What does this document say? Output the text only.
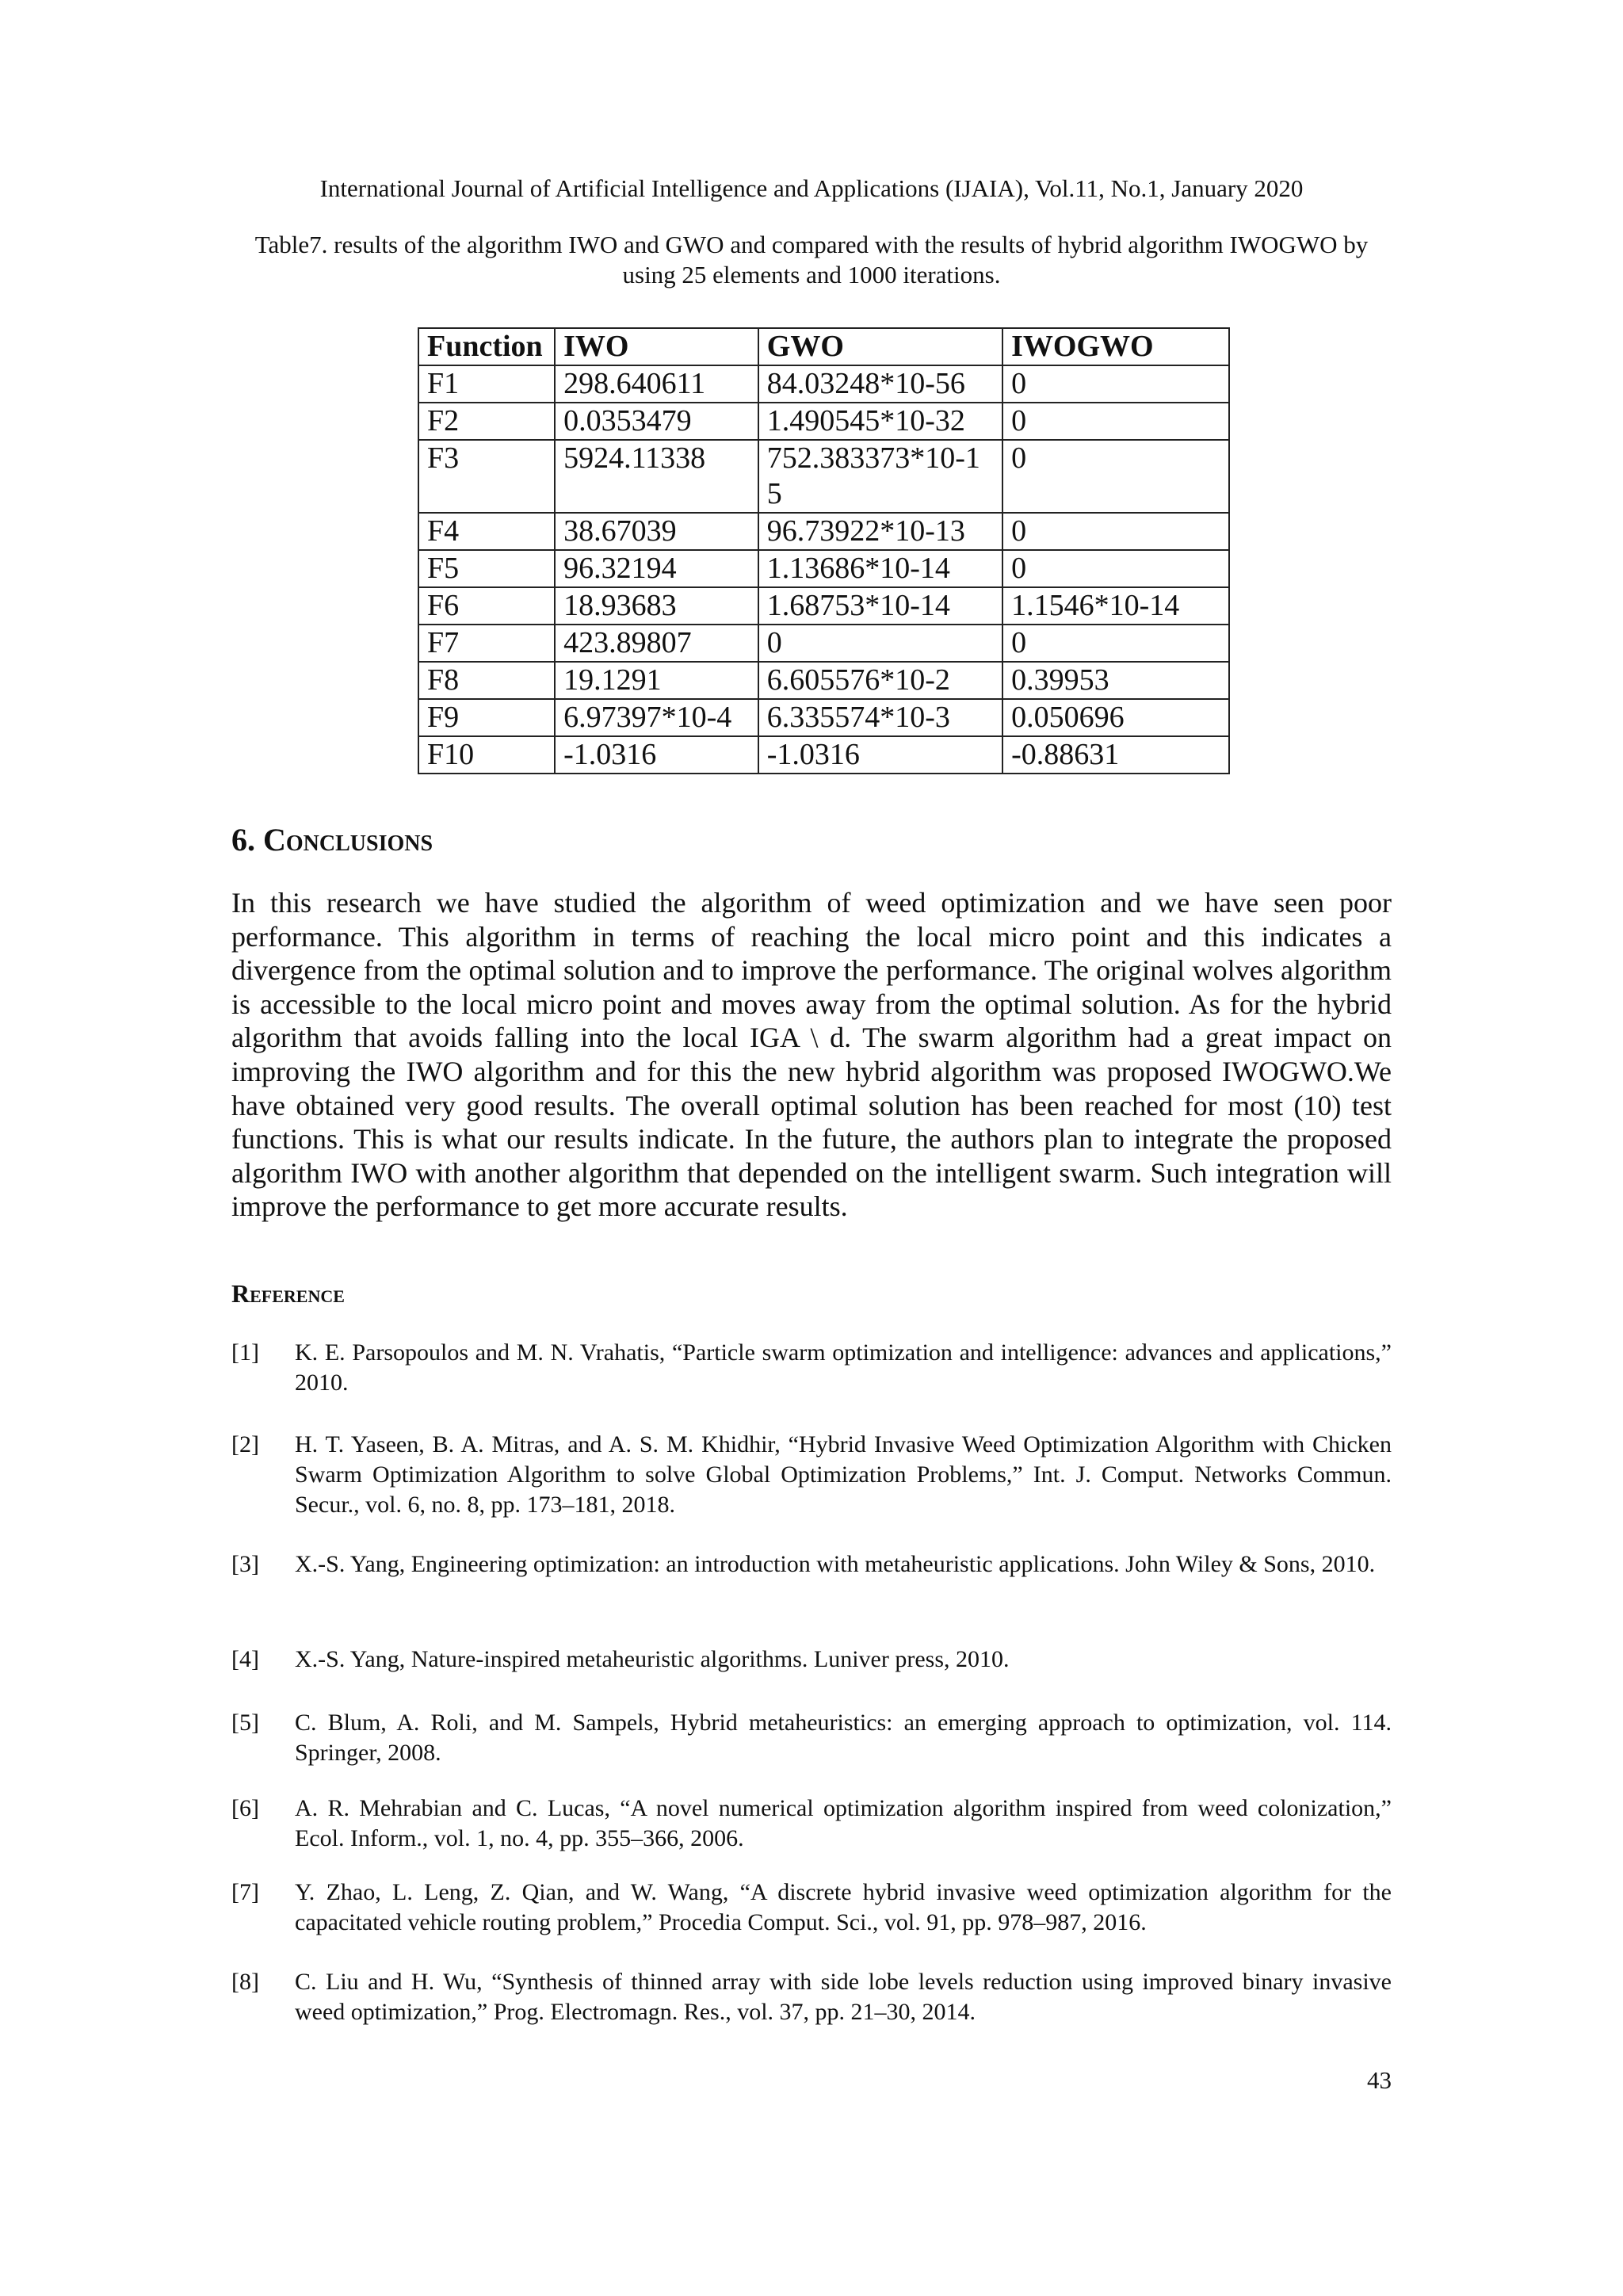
International Journal of Artificial Intelligence and Applications (IJAIA), Vol.11, No.1, January 2020
Table7. results of the algorithm IWO and GWO and compared with the results of hybrid algorithm IWOGWO by using 25 elements and 1000 iterations.
Function	IWO	GWO	IWOGWO
F1	298.640611	84.03248*10-56	0
F2	0.0353479	1.490545*10-32	0
F3	5924.11338	752.383373*10-15	0
F4	38.67039	96.73922*10-13	0
F5	96.32194	1.13686*10-14	0
F6	18.93683	1.68753*10-14	1.1546*10-14
F7	423.89807	0	0
F8	19.1291	6.605576*10-2	0.39953
F9	6.97397*10-4	6.335574*10-3	0.050696
F10	-1.0316	-1.0316	-0.88631
6. Conclusions

In this research we have studied the algorithm of weed optimization and we have seen poor performance. This algorithm in terms of reaching the local micro point and this indicates a divergence from the optimal solution and to improve the performance. The original wolves algorithm is accessible to the local micro point and moves away from the optimal solution. As for the hybrid algorithm that avoids falling into the local IGA \ d. The swarm algorithm had a great impact on improving the IWO algorithm and for this the new hybrid algorithm was proposed IWOGWO.We have obtained very good results. The overall optimal solution has been reached for most (10) test functions. This is what our results indicate. In the future, the authors plan to integrate the proposed algorithm IWO with another algorithm that depended on the intelligent swarm. Such integration will improve the performance to get more accurate results.

Reference
[1]	K. E. Parsopoulos and M. N. Vrahatis, “Particle swarm optimization and intelligence: advances and applications,” 2010.
[2]	H. T. Yaseen, B. A. Mitras, and A. S. M. Khidhir, “Hybrid Invasive Weed Optimization Algorithm with Chicken Swarm Optimization Algorithm to solve Global Optimization Problems,” Int. J. Comput. Networks Commun. Secur., vol. 6, no. 8, pp. 173–181, 2018.
[3]	X.-S. Yang, Engineering optimization: an introduction with metaheuristic applications. John Wiley & Sons, 2010.
[4]	X.-S. Yang, Nature-inspired metaheuristic algorithms. Luniver press, 2010.
[5]	C. Blum, A. Roli, and M. Sampels, Hybrid metaheuristics: an emerging approach to optimization, vol. 114. Springer, 2008.
[6]	A. R. Mehrabian and C. Lucas, “A novel numerical optimization algorithm inspired from weed colonization,” Ecol. Inform., vol. 1, no. 4, pp. 355–366, 2006.
[7]	Y. Zhao, L. Leng, Z. Qian, and W. Wang, “A discrete hybrid invasive weed optimization algorithm for the capacitated vehicle routing problem,” Procedia Comput. Sci., vol. 91, pp. 978–987, 2016.
[8]	C. Liu and H. Wu, “Synthesis of thinned array with side lobe levels reduction using improved binary invasive weed optimization,” Prog. Electromagn. Res., vol. 37, pp. 21–30, 2014.
43
